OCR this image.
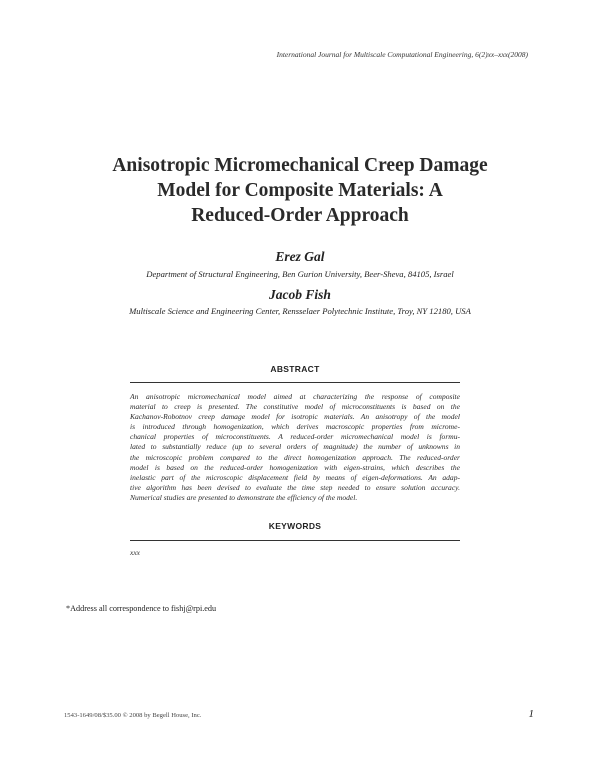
International Journal for Multiscale Computational Engineering, 6(2)xx–xxx(2008)
Anisotropic Micromechanical Creep Damage
Model for Composite Materials: A
Reduced-Order Approach
Erez Gal
Department of Structural Engineering, Ben Gurion University, Beer-Sheva, 84105, Israel
Jacob Fish
Multiscale Science and Engineering Center, Rensselaer Polytechnic Institute, Troy, NY 12180, USA
ABSTRACT
An anisotropic micromechanical model aimed at characterizing the response of composite
material to creep is presented. The constitutive model of microconstituents is based on the
Kachanov-Robotnov creep damage model for isotropic materials. An anisotropy of the model
is introduced through homogenization, which derives macroscopic properties from microme-
chanical properties of microconstituents. A reduced-order micromechanical model is formu-
lated to substantially reduce (up to several orders of magnitude) the number of unknowns in
the microscopic problem compared to the direct homogenization approach. The reduced-order
model is based on the reduced-order homogenization with eigen-strains, which describes the
inelastic part of the microscopic displacement field by means of eigen-deformations. An adap-
tive algorithm has been devised to evaluate the time step needed to ensure solution accuracy.
Numerical studies are presented to demonstrate the efficiency of the model.
KEYWORDS
xxx
*Address all correspondence to fishj@rpi.edu
1543-1649/08/$35.00 © 2008 by Begell House, Inc.	1
